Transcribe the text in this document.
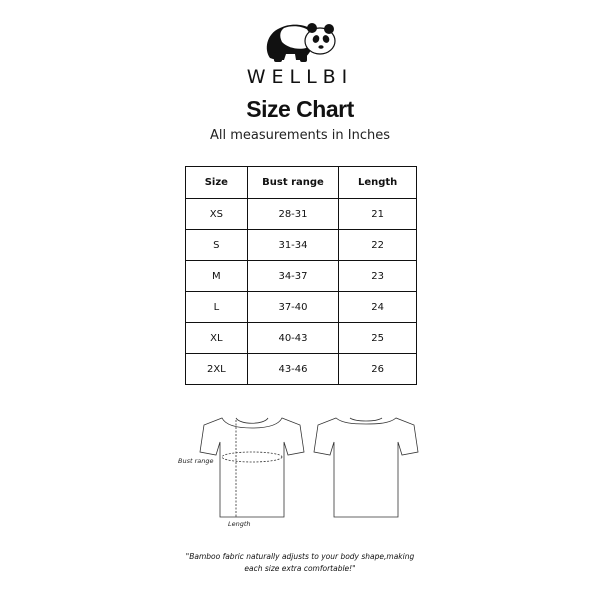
WELLBI
Size Chart
All measurements in Inches
Size	Bust range	Length
XS	28-31	21
S	31-34	22
M	34-37	23
L	37-40	24
XL	40-43	25
2XL	43-46	26
Bust range
Length
"Bamboo fabric naturally adjusts to your body shape,making
each size extra comfortable!"
